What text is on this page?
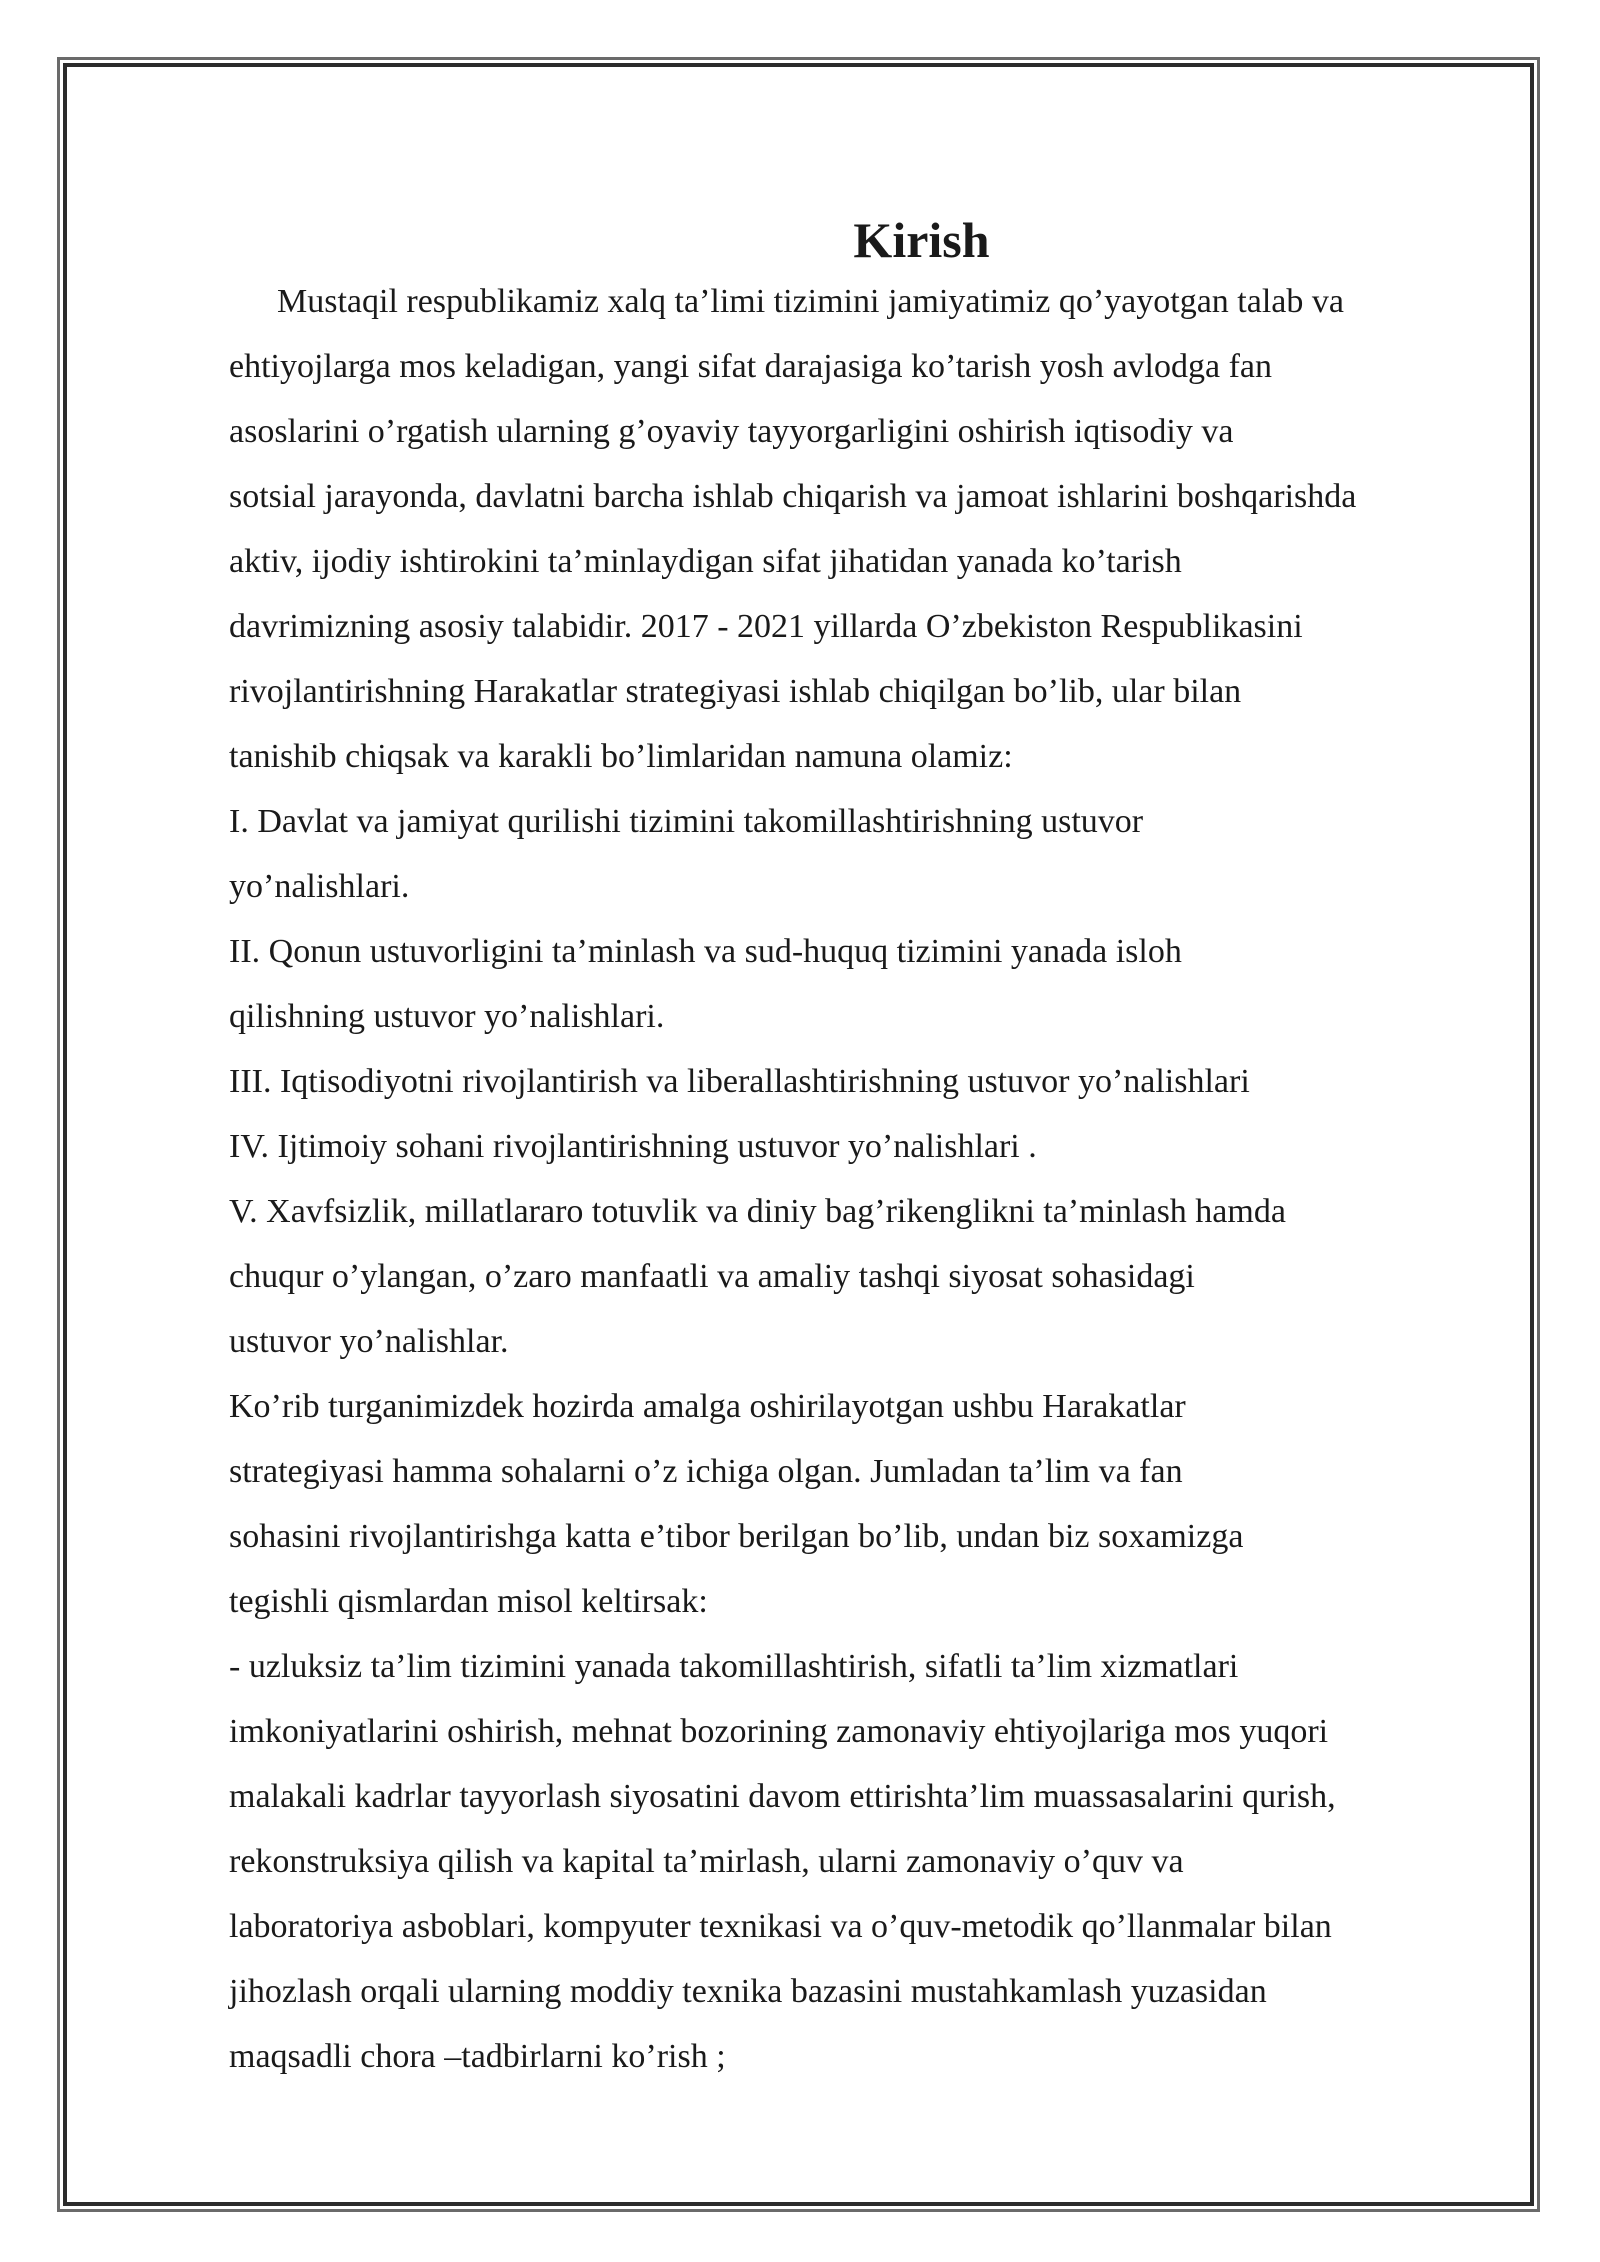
Kirish

Mustaqil respublikamiz xalq ta’limi tizimini jamiyatimiz qo’yayotgan talab va

ehtiyojlarga mos keladigan, yangi sifat darajasiga ko’tarish yosh avlodga fan

asoslarini o’rgatish ularning g’oyaviy tayyorgarligini oshirish iqtisodiy va

sotsial jarayonda, davlatni barcha ishlab chiqarish va jamoat ishlarini boshqarishda

aktiv, ijodiy ishtirokini ta’minlaydigan sifat jihatidan yanada ko’tarish

davrimizning asosiy talabidir. 2017 - 2021 yillarda O’zbekiston Respublikasini

rivojlantirishning Harakatlar strategiyasi ishlab chiqilgan bo’lib, ular bilan

tanishib chiqsak va karakli bo’limlaridan namuna olamiz:

I. Davlat va jamiyat qurilishi tizimini takomillashtirishning ustuvor

yo’nalishlari.

II. Qonun ustuvorligini ta’minlash va sud-huquq tizimini yanada isloh

qilishning ustuvor yo’nalishlari.

III. Iqtisodiyotni rivojlantirish va liberallashtirishning ustuvor yo’nalishlari

IV. Ijtimoiy sohani rivojlantirishning ustuvor yo’nalishlari .

V. Xavfsizlik, millatlararo totuvlik va diniy bag’rikenglikni ta’minlash hamda

chuqur o’ylangan, o’zaro manfaatli va amaliy tashqi siyosat sohasidagi

ustuvor yo’nalishlar.

Ko’rib turganimizdek hozirda amalga oshirilayotgan ushbu Harakatlar

strategiyasi hamma sohalarni o’z ichiga olgan. Jumladan ta’lim va fan

sohasini rivojlantirishga katta e’tibor berilgan bo’lib, undan biz soxamizga

tegishli qismlardan misol keltirsak:

- uzluksiz ta’lim tizimini yanada takomillashtirish, sifatli ta’lim xizmatlari

imkoniyatlarini oshirish, mehnat bozorining zamonaviy ehtiyojlariga mos yuqori

malakali kadrlar tayyorlash siyosatini davom ettirishta’lim muassasalarini qurish,

rekonstruksiya qilish va kapital ta’mirlash, ularni zamonaviy o’quv va

laboratoriya asboblari, kompyuter texnikasi va o’quv-metodik qo’llanmalar bilan

jihozlash orqali ularning moddiy texnika bazasini mustahkamlash yuzasidan

maqsadli chora –tadbirlarni ko’rish ;
